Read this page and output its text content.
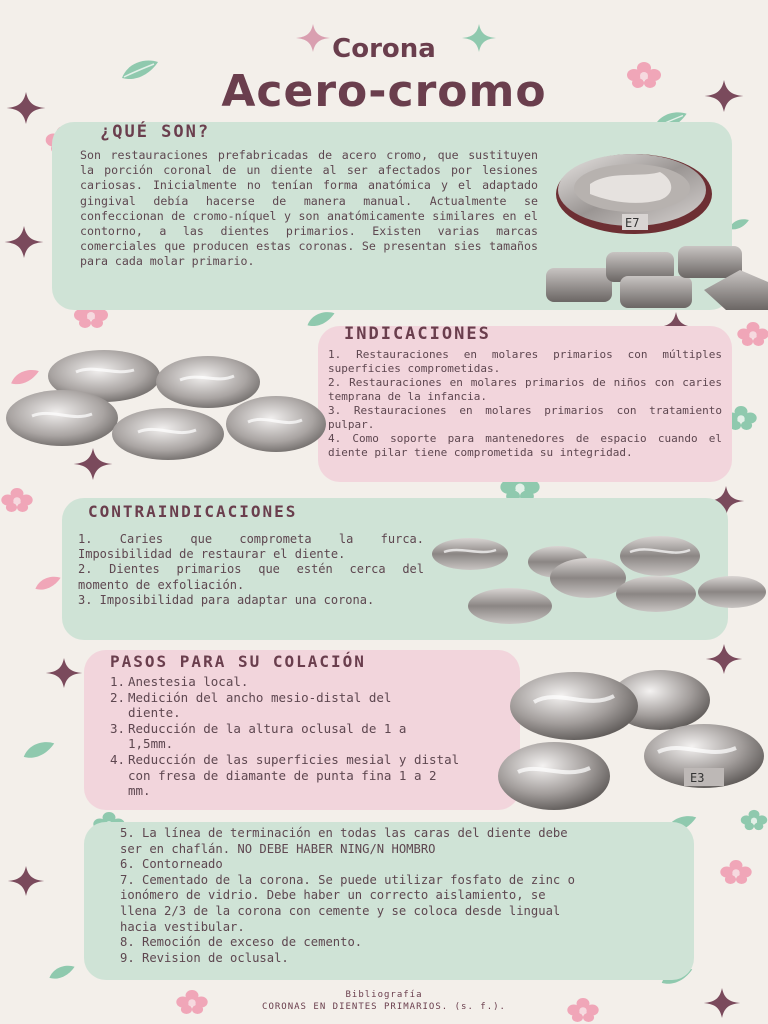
Corona
Acero-cromo
¿QUÉ SON?
Son restauraciones prefabricadas de acero cromo, que sustituyen la porción coronal de un diente al ser afectados por lesiones cariosas. Inicialmente no tenían forma anatómica y el adaptado gingival debía hacerse de manera manual. Actualmente se confeccionan de cromo-níquel y son anatómicamente similares en el contorno, a las dientes primarios. Existen varias marcas comerciales que producen estas coronas. Se presentan sies tamaños para cada molar primario.
E7
INDICACIONES
1. Restauraciones en molares primarios con múltiples superficies comprometidas.
2. Restauraciones en molares primarios de niños con caries temprana de la infancia.
3. Restauraciones en molares primarios con tratamiento pulpar.
4. Como soporte para mantenedores de espacio cuando el diente pilar tiene comprometida su integridad.
CONTRAINDICACIONES
1. Caries que comprometa la furca. Imposibilidad de restaurar el diente.
2. Dientes primarios que estén cerca del momento de exfoliación.
3. Imposibilidad para adaptar una corona.
PASOS PARA SU COLACIÓN
1. Anestesia local.
2. Medición del ancho mesio-distal del
diente.
3. Reducción de la altura oclusal de 1 a
1,5mm.
4. Reducción de las superficies mesial y distal
con fresa de diamante de punta fina 1 a 2
mm.
E3
5. La línea de terminación en todas las caras del diente debe
ser en chaflán. NO DEBE HABER NING/N HOMBRO
6. Contorneado
7. Cementado de la corona. Se puede utilizar fosfato de zinc o
ionómero de vidrio. Debe haber un correcto aislamiento, se
llena 2/3 de la corona con cemente y se coloca desde lingual
hacia vestibular.
8. Remoción de exceso de cemento.
9. Revision de oclusal.
Bibliografía
CORONAS EN DIENTES PRIMARIOS. (s. f.).
